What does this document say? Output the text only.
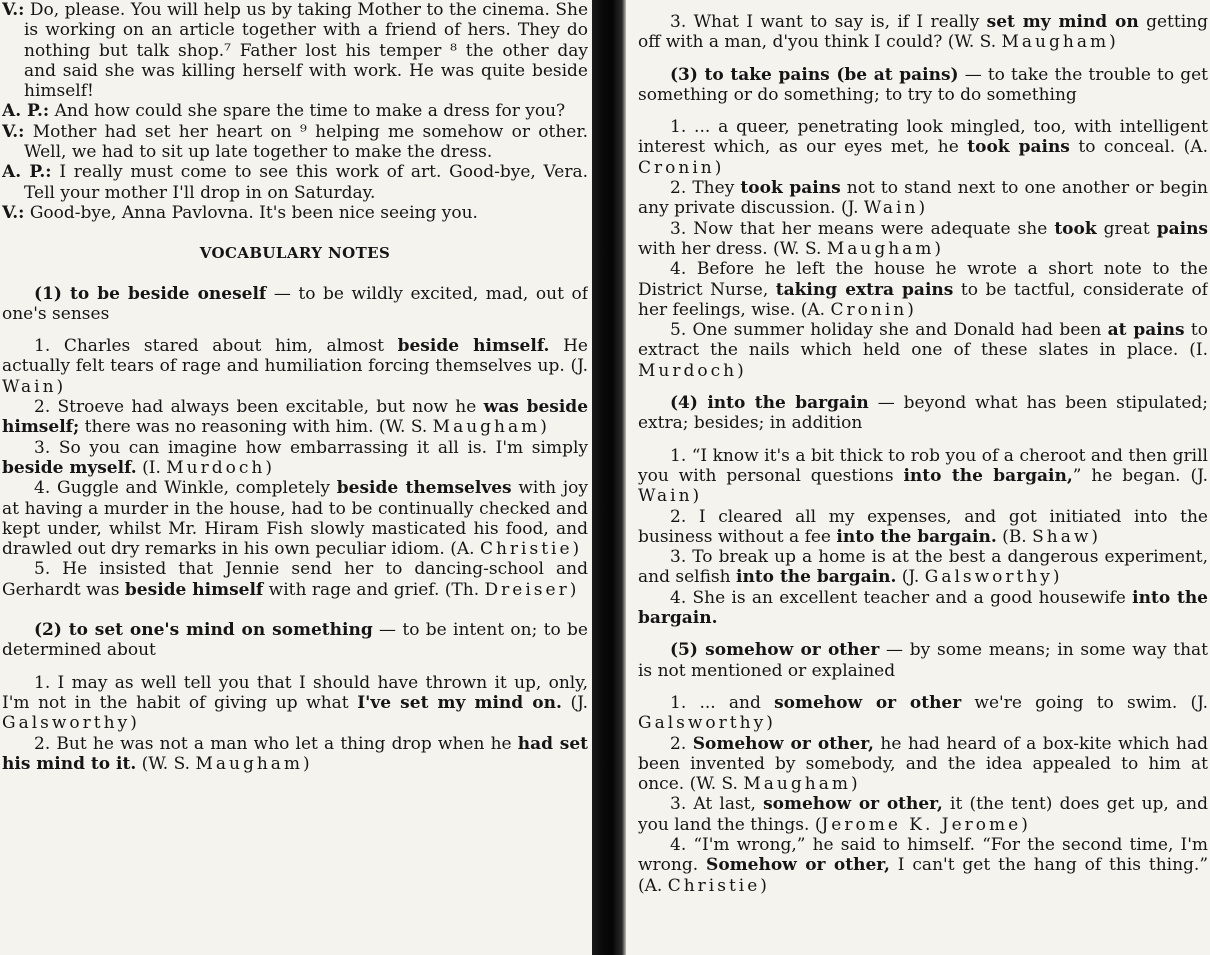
V.: Do, please. You will help us by taking Mother to the cinema. She is working on an article together with a friend of hers. They do nothing but talk shop.⁷ Father lost his temper ⁸ the other day and said she was killing herself with work. He was quite beside himself!

A. P.: And how could she spare the time to make a dress for you?

V.: Mother had set her heart on ⁹ helping me somehow or other. Well, we had to sit up late together to make the dress.

A. P.: I really must come to see this work of art. Good-bye, Vera. Tell your mother I'll drop in on Saturday.

V.: Good-bye, Anna Pavlovna. It's been nice seeing you.

VOCABULARY NOTES

(1) to be beside oneself — to be wildly excited, mad, out of one's senses

1. Charles stared about him, almost beside himself. He actually felt tears of rage and humiliation forcing themselves up. (J. Wain)

2. Stroeve had always been excitable, but now he was beside himself; there was no reasoning with him. (W. S. Maugham)

3. So you can imagine how embarrassing it all is. I'm simply beside myself. (I. Murdoch)

4. Guggle and Winkle, completely beside themselves with joy at having a murder in the house, had to be continually checked and kept under, whilst Mr. Hiram Fish slowly masticated his food, and drawled out dry remarks in his own peculiar idiom. (A. Christie)

5. He insisted that Jennie send her to dancing-school and Gerhardt was beside himself with rage and grief. (Th. Dreiser)

(2) to set one's mind on something — to be intent on; to be determined about

1. I may as well tell you that I should have thrown it up, only, I'm not in the habit of giving up what I've set my mind on. (J. Galsworthy)

2. But he was not a man who let a thing drop when he had set his mind to it. (W. S. Maugham)

3. What I want to say is, if I really set my mind on getting off with a man, d'you think I could? (W. S. Maugham)

(3) to take pains (be at pains) — to take the trouble to get something or do something; to try to do something

1. ... a queer, penetrating look mingled, too, with intelligent interest which, as our eyes met, he took pains to conceal. (A. Cronin)

2. They took pains not to stand next to one another or begin any private discussion. (J. Wain)

3. Now that her means were adequate she took great pains with her dress. (W. S. Maugham)

4. Before he left the house he wrote a short note to the District Nurse, taking extra pains to be tactful, considerate of her feelings, wise. (A. Cronin)

5. One summer holiday she and Donald had been at pains to extract the nails which held one of these slates in place. (I. Murdoch)

(4) into the bargain — beyond what has been stipulated; extra; besides; in addition

1. “I know it's a bit thick to rob you of a cheroot and then grill you with personal questions into the bargain,” he began. (J. Wain)

2. I cleared all my expenses, and got initiated into the business without a fee into the bargain. (B. Shaw)

3. To break up a home is at the best a dangerous experiment, and selfish into the bargain. (J. Galsworthy)

4. She is an excellent teacher and a good housewife into the bargain.

(5) somehow or other — by some means; in some way that is not mentioned or explained

1. ... and somehow or other we're going to swim. (J. Galsworthy)

2. Somehow or other, he had heard of a box-kite which had been invented by somebody, and the idea appealed to him at once. (W. S. Maugham)

3. At last, somehow or other, it (the tent) does get up, and you land the things. (Jerome K. Jerome)

4. “I'm wrong,” he said to himself. “For the second time, I'm wrong. Somehow or other, I can't get the hang of this thing.” (A. Christie)
